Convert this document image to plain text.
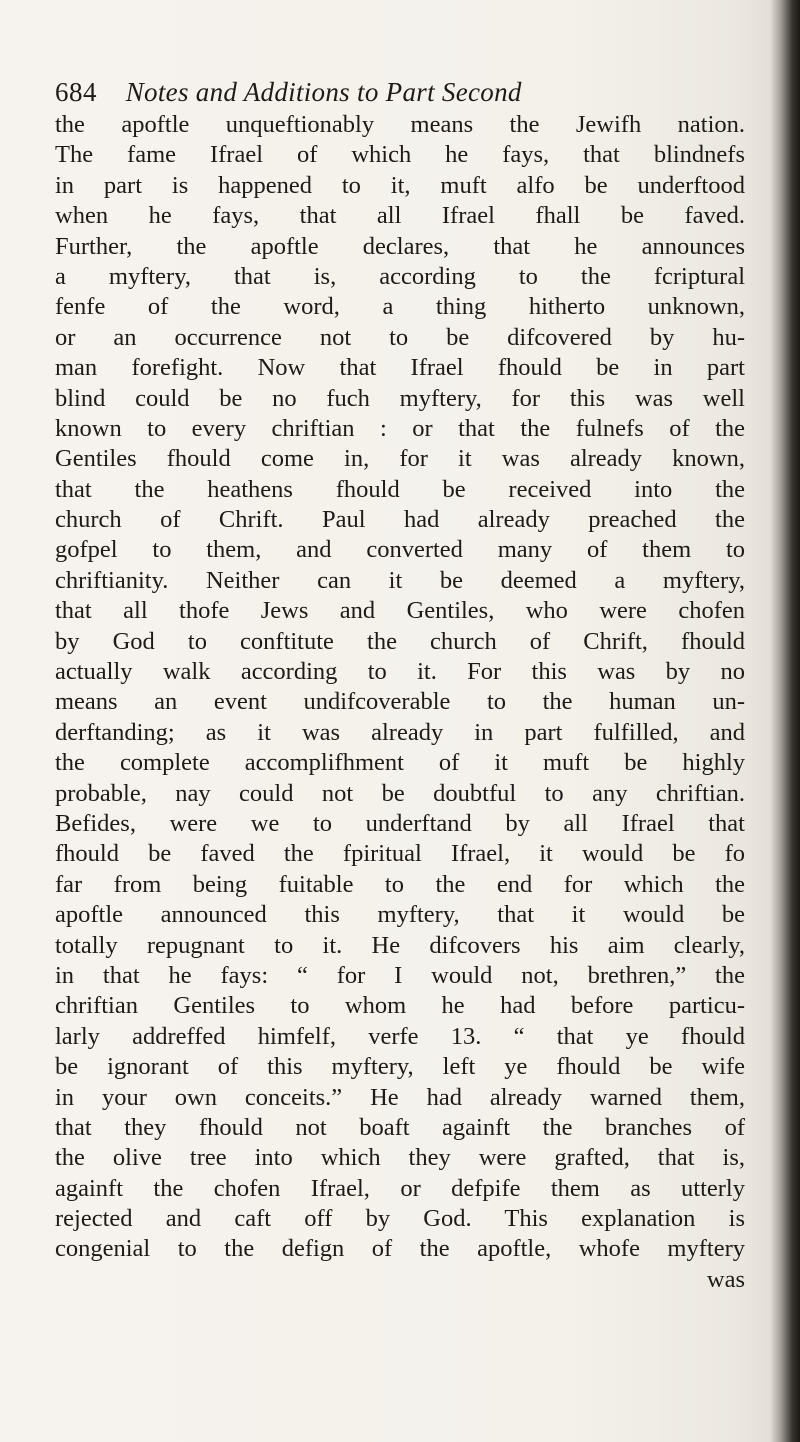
684 Notes and Additions to Part Second
the apoftle unqueftionably means the Jewifh nation.
The fame Ifrael of which he fays, that blindnefs
in part is happened to it, muft alfo be underftood
when he fays, that all Ifrael fhall be faved.
Further, the apoftle declares, that he announces
a myftery, that is, according to the fcriptural
fenfe of the word, a thing hitherto unknown,
or an occurrence not to be difcovered by hu-
man forefight. Now that Ifrael fhould be in part
blind could be no fuch myftery, for this was well
known to every chriftian : or that the fulnefs of the
Gentiles fhould come in, for it was already known,
that the heathens fhould be received into the
church of Chrift. Paul had already preached the
gofpel to them, and converted many of them to
chriftianity. Neither can it be deemed a myftery,
that all thofe Jews and Gentiles, who were chofen
by God to conftitute the church of Chrift, fhould
actually walk according to it. For this was by no
means an event undifcoverable to the human un-
derftanding; as it was already in part fulfilled, and
the complete accomplifhment of it muft be highly
probable, nay could not be doubtful to any chriftian.
Befides, were we to underftand by all Ifrael that
fhould be faved the fpiritual Ifrael, it would be fo
far from being fuitable to the end for which the
apoftle announced this myftery, that it would be
totally repugnant to it. He difcovers his aim clearly,
in that he fays: “ for I would not, brethren,” the
chriftian Gentiles to whom he had before particu-
larly addreffed himfelf, verfe 13. “ that ye fhould
be ignorant of this myftery, left ye fhould be wife
in your own conceits.” He had already warned them,
that they fhould not boaft againft the branches of
the olive tree into which they were grafted, that is,
againft the chofen Ifrael, or defpife them as utterly
rejected and caft off by God. This explanation is
congenial to the defign of the apoftle, whofe myftery
was
